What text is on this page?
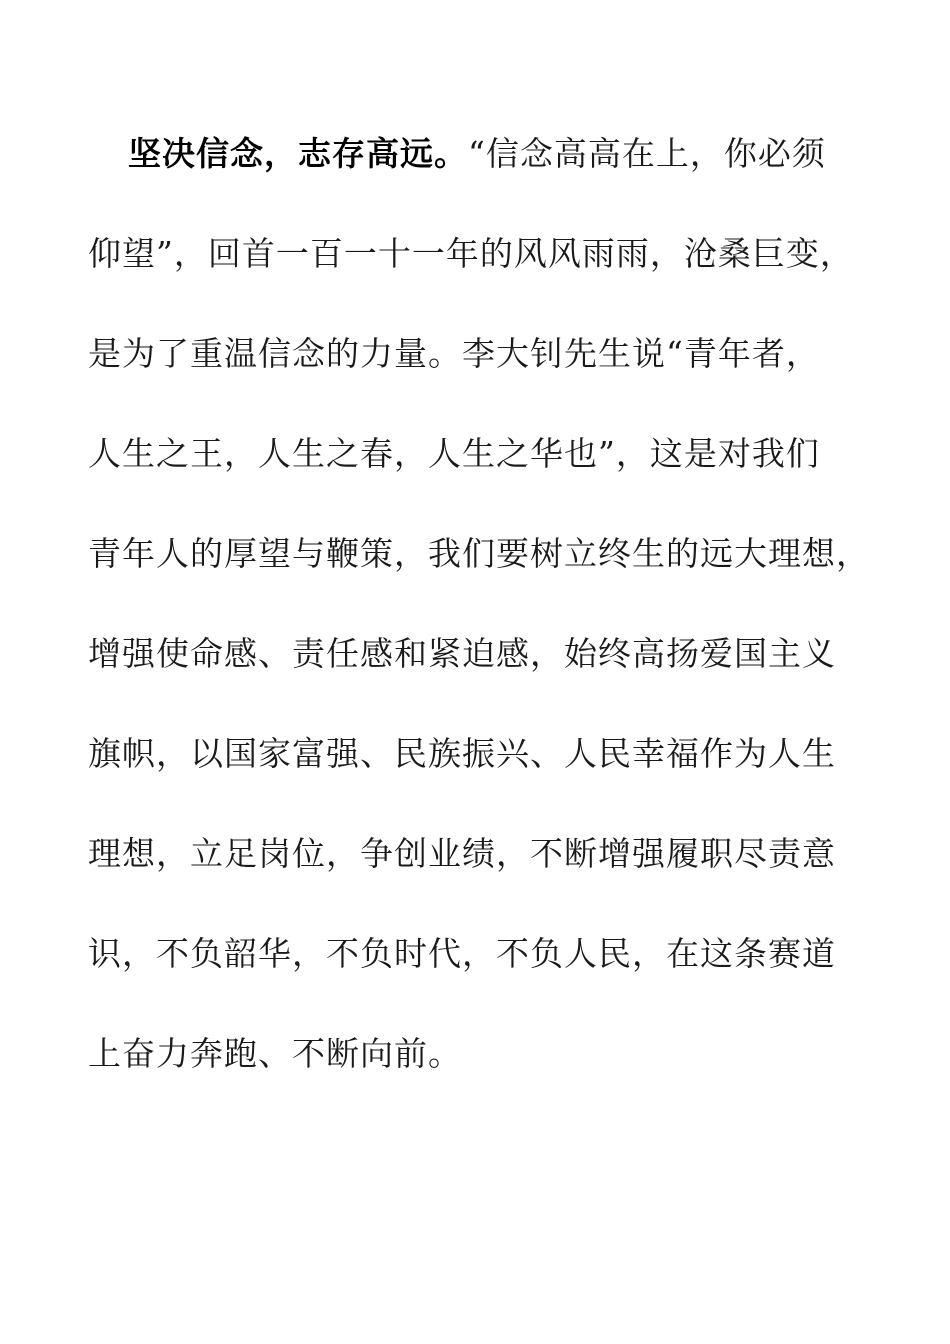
坚决信念，志存高远。“信念高高在上，你必须
仰望”，回首一百一十一年的风风雨雨，沧桑巨变，
是为了重温信念的力量。李大钊先生说“青年者，
人生之王，人生之春，人生之华也”，这是对我们
青年人的厚望与鞭策，我们要树立终生的远大理想，
增强使命感、责任感和紧迫感，始终高扬爱国主义
旗帜，以国家富强、民族振兴、人民幸福作为人生
理想，立足岗位，争创业绩，不断增强履职尽责意
识，不负韶华，不负时代，不负人民，在这条赛道
上奋力奔跑、不断向前。
